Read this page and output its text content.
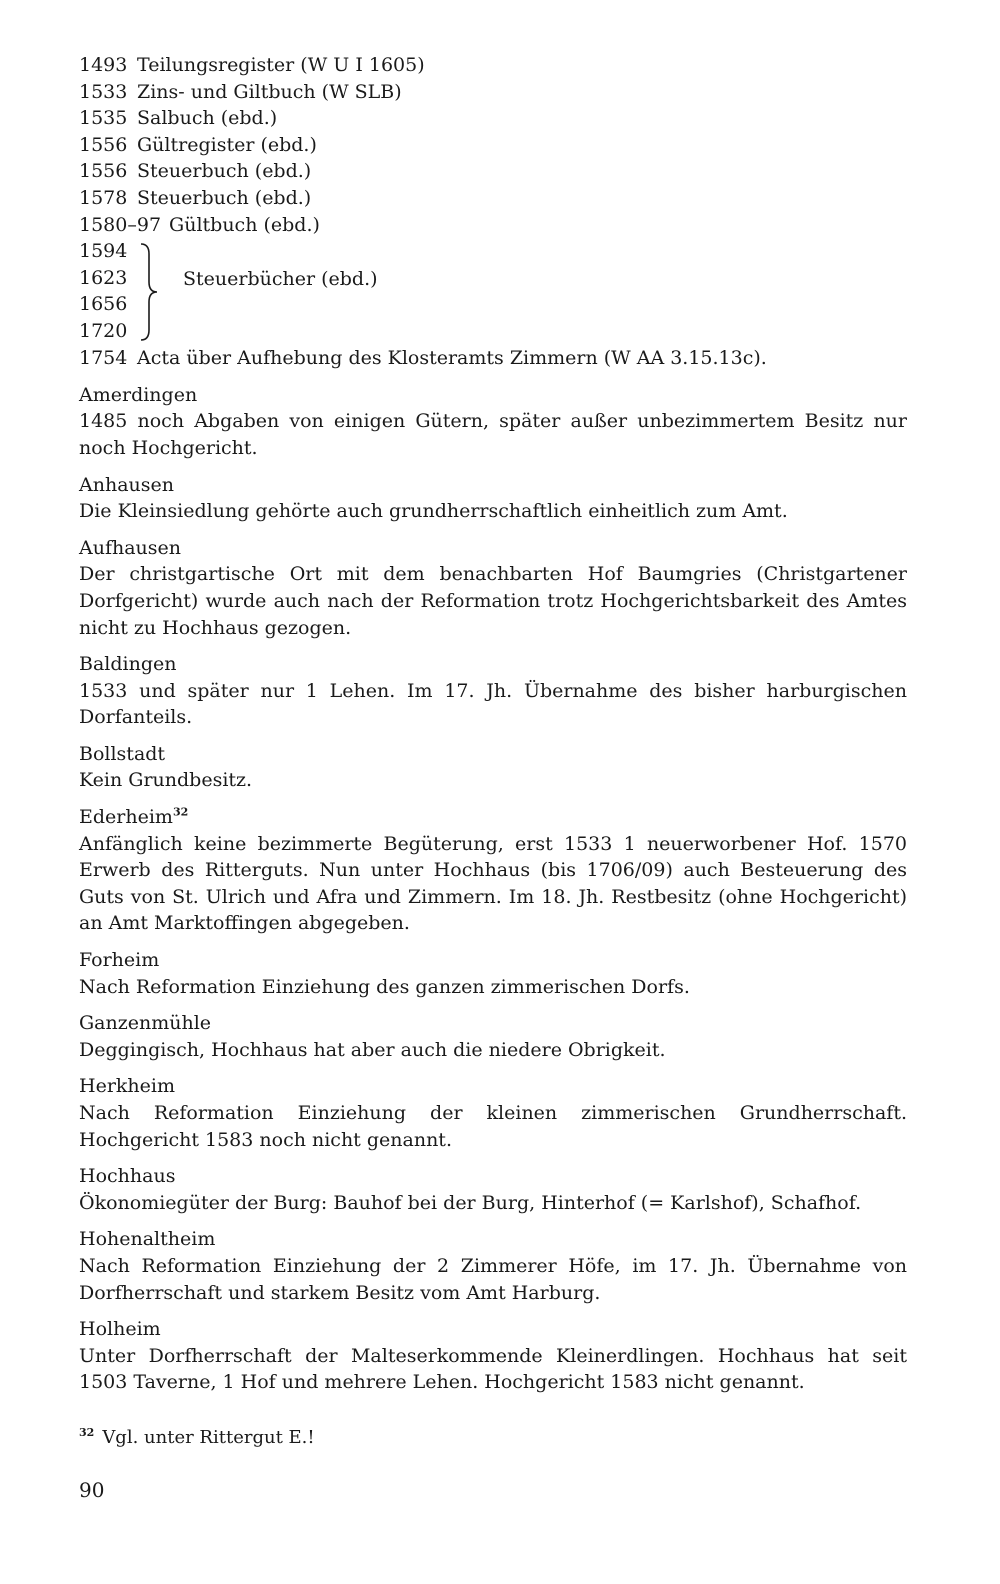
1493 Teilungsregister (W U I 1605)
1533 Zins- und Giltbuch (W SLB)
1535 Salbuch (ebd.)
1556 Gültregister (ebd.)
1556 Steuerbuch (ebd.)
1578 Steuerbuch (ebd.)
1580–97 Gültbuch (ebd.)
1594
1623
1656
1720
Steuerbücher (ebd.)
1754 Acta über Aufhebung des Klosteramts Zimmern (W AA 3.15.13c).
Amerdingen
1485 noch Abgaben von einigen Gütern, später außer unbezimmertem Besitz nur noch Hochgericht.
Anhausen
Die Kleinsiedlung gehörte auch grundherrschaftlich einheitlich zum Amt.
Aufhausen
Der christgartische Ort mit dem benachbarten Hof Baumgries (Christgartener Dorfgericht) wurde auch nach der Reformation trotz Hochgerichtsbarkeit des Amtes nicht zu Hochhaus gezogen.
Baldingen
1533 und später nur 1 Lehen. Im 17. Jh. Übernahme des bisher harburgischen Dorfanteils.
Bollstadt
Kein Grundbesitz.
Ederheim$^{32}$
Anfänglich keine bezimmerte Begüterung, erst 1533 1 neuerworbener Hof. 1570 Erwerb des Ritterguts. Nun unter Hochhaus (bis 1706/09) auch Besteuerung des Guts von St. Ulrich und Afra und Zimmern. Im 18. Jh. Restbesitz (ohne Hochgericht) an Amt Marktoffingen abgegeben.
Forheim
Nach Reformation Einziehung des ganzen zimmerischen Dorfs.
Ganzenmühle
Deggingisch, Hochhaus hat aber auch die niedere Obrigkeit.
Herkheim
Nach Reformation Einziehung der kleinen zimmerischen Grundherrschaft. Hochgericht 1583 noch nicht genannt.
Hochhaus
Ökonomiegüter der Burg: Bauhof bei der Burg, Hinterhof (= Karlshof), Schafhof.
Hohenaltheim
Nach Reformation Einziehung der 2 Zimmerer Höfe, im 17. Jh. Übernahme von Dorfherrschaft und starkem Besitz vom Amt Harburg.
Holheim
Unter Dorfherrschaft der Malteserkommende Kleinerdlingen. Hochhaus hat seit 1503 Taverne, 1 Hof und mehrere Lehen. Hochgericht 1583 nicht genannt.
$^{32}$ Vgl. unter Rittergut E.!
90
